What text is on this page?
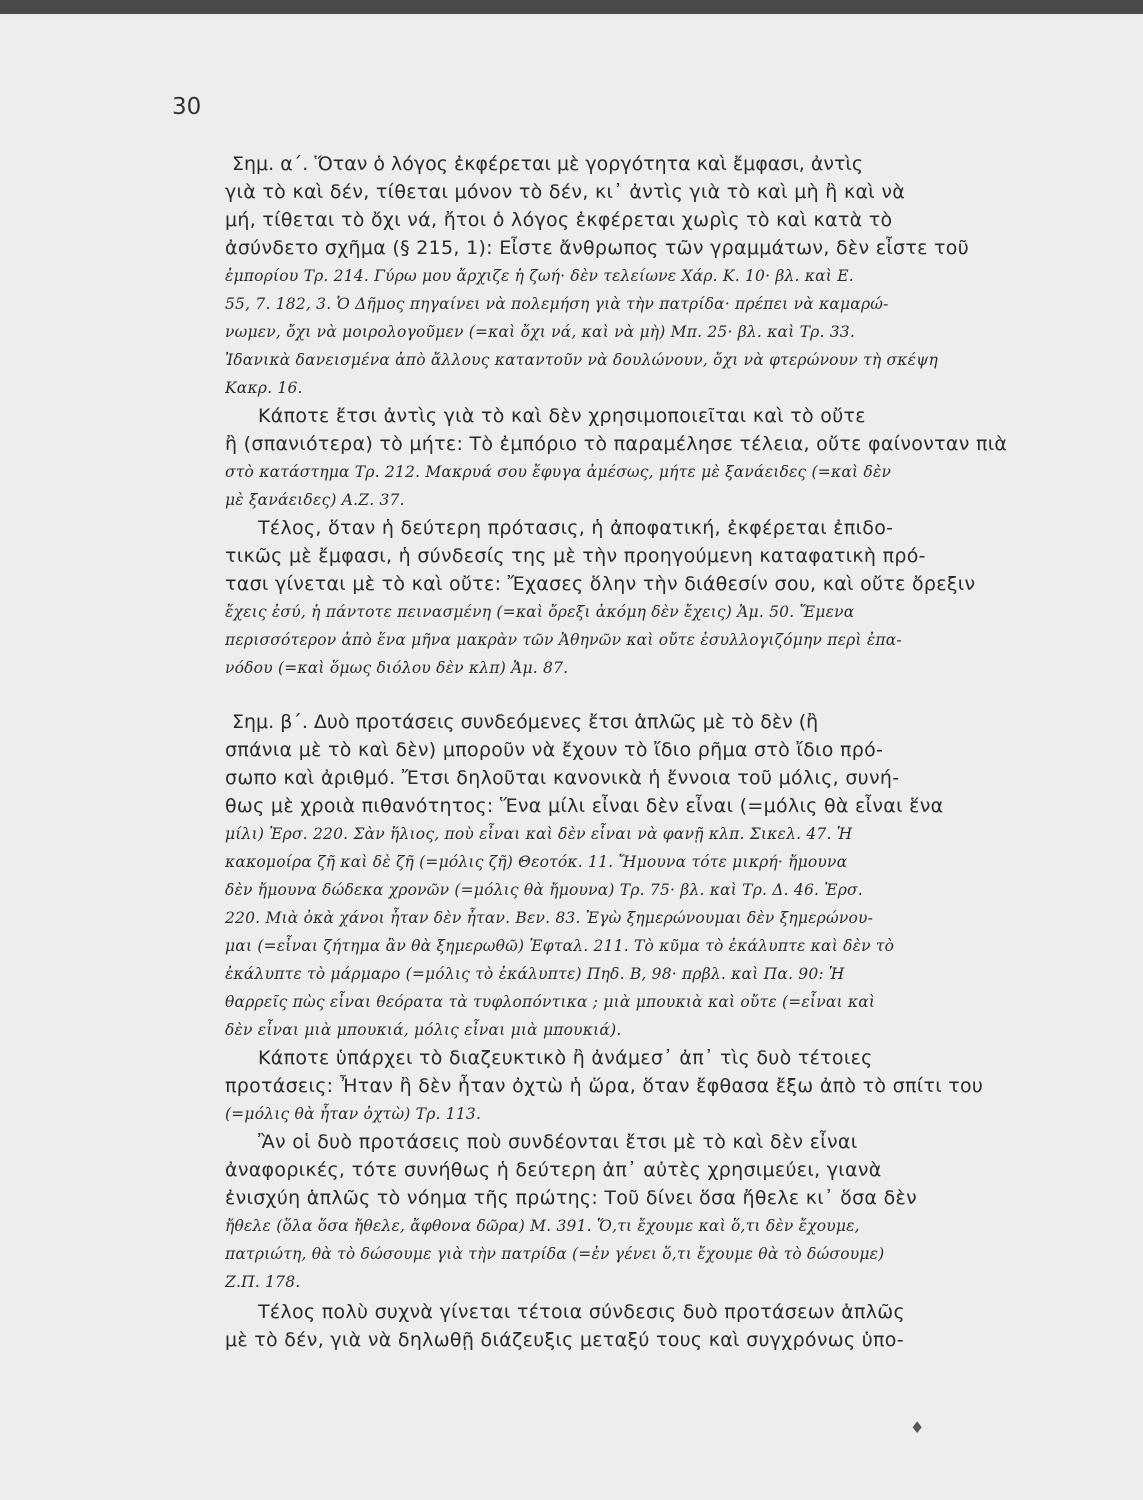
30
Σημ. α΄. Ὅταν ὁ λόγος ἐκφέρεται μὲ γοργότητα καὶ ἔμφασι, ἀντὶς
γιὰ τὸ καὶ δέν, τίθεται μόνον τὸ δέν, κι᾽ ἀντὶς γιὰ τὸ καὶ μὴ ἢ καὶ νὰ
μή, τίθεται τὸ ὄχι νά, ἤτοι ὁ λόγος ἐκφέρεται χωρὶς τὸ καὶ κατὰ τὸ
ἀσύνδετο σχῆμα (§ 215, 1): Εἶστε ἄνθρωπος τῶν γραμμάτων, δὲν εἶστε τοῦ
ἐμπορίου Τρ. 214. Γύρω μου ἄρχιζε ἡ ζωή· δὲν τελείωνε Χάρ. Κ. 10· βλ. καὶ Ε.
55, 7. 182, 3. Ὁ Δῆμος πηγαίνει νὰ πολεμήση γιὰ τὴν πατρίδα· πρέπει νὰ καμαρώ-
νωμεν, ὄχι νὰ μοιρολογοῦμεν (=καὶ ὄχι νά, καὶ νὰ μὴ) Μπ. 25· βλ. καὶ Τρ. 33.
Ἰδανικὰ δανεισμένα ἀπὸ ἄλλους καταντοῦν νὰ δουλώνουν, ὄχι νὰ φτερώνουν τὴ σκέψη
Κακρ. 16.
Κάποτε ἔτσι ἀντὶς γιὰ τὸ καὶ δὲν χρησιμοποιεῖται καὶ τὸ οὔτε
ἢ (σπανιότερα) τὸ μήτε: Τὸ ἐμπόριο τὸ παραμέλησε τέλεια, οὔτε φαίνονταν πιὰ
στὸ κατάστημα Τρ. 212. Μακρυά σου ἔφυγα ἀμέσως, μήτε μὲ ξανάειδες (=καὶ δὲν
μὲ ξανάειδες) Α.Ζ. 37.
Τέλος, ὅταν ἡ δεύτερη πρότασις, ἡ ἀποφατική, ἐκφέρεται ἐπιδο-
τικῶς μὲ ἔμφασι, ἡ σύνδεσίς της μὲ τὴν προηγούμενη καταφατικὴ πρό-
τασι γίνεται μὲ τὸ καὶ οὔτε: Ἔχασες ὅλην τὴν διάθεσίν σου, καὶ οὔτε ὄρεξιν
ἔχεις ἐσύ, ἡ πάντοτε πεινασμένη (=καὶ ὄρεξι ἀκόμη δὲν ἔχεις) Ἀμ. 50. Ἔμενα
περισσότερον ἀπὸ ἕνα μῆνα μακρὰν τῶν Ἀθηνῶν καὶ οὔτε ἐσυλλογιζόμην περὶ ἐπα-
νόδου (=καὶ ὅμως διόλου δὲν κλπ) Ἀμ. 87.
Σημ. β΄. Δυὸ προτάσεις συνδεόμενες ἔτσι ἁπλῶς μὲ τὸ δὲν (ἢ
σπάνια μὲ τὸ καὶ δὲν) μποροῦν νὰ ἔχουν τὸ ἴδιο ρῆμα στὸ ἴδιο πρό-
σωπο καὶ ἀριθμό. Ἔτσι δηλοῦται κανονικὰ ἡ ἔννοια τοῦ μόλις, συνή-
θως μὲ χροιὰ πιθανότητος: Ἕνα μίλι εἶναι δὲν εἶναι (=μόλις θὰ εἶναι ἕνα
μίλι) Ἐρσ. 220. Σὰν ἥλιος, ποὺ εἶναι καὶ δὲν εἶναι νὰ φανῇ κλπ. Σικελ. 47. Ἡ
κακομοίρα ζῆ καὶ δὲ ζῆ (=μόλις ζῆ) Θεοτόκ. 11. Ἤμουνα τότε μικρή· ἤμουνα
δὲν ἤμουνα δώδεκα χρονῶν (=μόλις θὰ ἤμουνα) Τρ. 75· βλ. καὶ Τρ. Δ. 46. Ἐρσ.
220. Μιὰ ὀκὰ χάνοι ἦταν δὲν ἦταν. Βεν. 83. Ἐγὼ ξημερώνουμαι δὲν ξημερώνου-
μαι (=εἶναι ζήτημα ἂν θὰ ξημερωθῶ) Ἐφταλ. 211. Τὸ κῦμα τὸ ἐκάλυπτε καὶ δὲν τὸ
ἐκάλυπτε τὸ μάρμαρο (=μόλις τὸ ἐκάλυπτε) Πηδ. Β, 98· πρβλ. καὶ Πα. 90: Ἡ
θαρρεῖς πὼς εἶναι θεόρατα τὰ τυφλοπόντικα ; μιὰ μπουκιὰ καὶ οὔτε (=εἶναι καὶ
δὲν εἶναι μιὰ μπουκιά, μόλις εἶναι μιὰ μπουκιά).
Κάποτε ὑπάρχει τὸ διαζευκτικὸ ἢ ἀνάμεσ᾽ ἀπ᾽ τὶς δυὸ τέτοιες
προτάσεις: Ἦταν ἢ δὲν ἦταν ὀχτὼ ἡ ὥρα, ὅταν ἔφθασα ἔξω ἀπὸ τὸ σπίτι του
(=μόλις θὰ ἦταν ὀχτὼ) Τρ. 113.
Ἂν οἱ δυὸ προτάσεις ποὺ συνδέονται ἔτσι μὲ τὸ καὶ δὲν εἶναι
ἀναφορικές, τότε συνήθως ἡ δεύτερη ἀπ᾽ αὐτὲς χρησιμεύει, γιανὰ
ἐνισχύη ἁπλῶς τὸ νόημα τῆς πρώτης: Τοῦ δίνει ὅσα ἤθελε κι᾽ ὅσα δὲν
ἤθελε (ὅλα ὅσα ἤθελε, ἄφθονα δῶρα) Μ. 391. Ὅ,τι ἔχουμε καὶ ὅ,τι δὲν ἔχουμε,
πατριώτη, θὰ τὸ δώσουμε γιὰ τὴν πατρίδα (=ἐν γένει ὅ,τι ἔχουμε θὰ τὸ δώσουμε)
Ζ.Π. 178.
Τέλος πολὺ συχνὰ γίνεται τέτοια σύνδεσις δυὸ προτάσεων ἁπλῶς
μὲ τὸ δέν, γιὰ νὰ δηλωθῇ διάζευξις μεταξύ τους καὶ συγχρόνως ὑπο-
♦
